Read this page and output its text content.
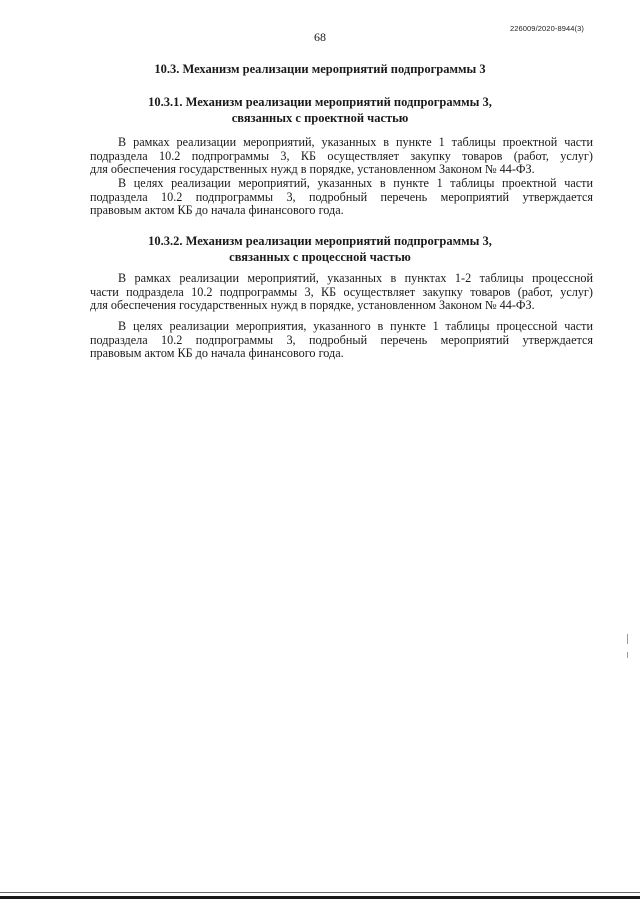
226009/2020-8944(3)
68
10.3. Механизм реализации мероприятий подпрограммы 3
10.3.1. Механизм реализации мероприятий подпрограммы 3,
связанных с проектной частью
В рамках реализации мероприятий, указанных в пункте 1 таблицы проектной части
подраздела 10.2 подпрограммы 3, КБ осуществляет закупку товаров (работ, услуг)
для обеспечения государственных нужд в порядке, установленном Законом № 44-ФЗ.
В целях реализации мероприятий, указанных в пункте 1 таблицы проектной части
подраздела 10.2 подпрограммы 3, подробный перечень мероприятий утверждается
правовым актом КБ до начала финансового года.
10.3.2. Механизм реализации мероприятий подпрограммы 3,
связанных с процессной частью
В рамках реализации мероприятий, указанных в пунктах 1-2 таблицы процессной
части подраздела 10.2 подпрограммы 3, КБ осуществляет закупку товаров (работ, услуг)
для обеспечения государственных нужд в порядке, установленном Законом № 44-ФЗ.
В целях реализации мероприятия, указанного в пункте 1 таблицы процессной части
подраздела 10.2 подпрограммы 3, подробный перечень мероприятий утверждается
правовым актом КБ до начала финансового года.
